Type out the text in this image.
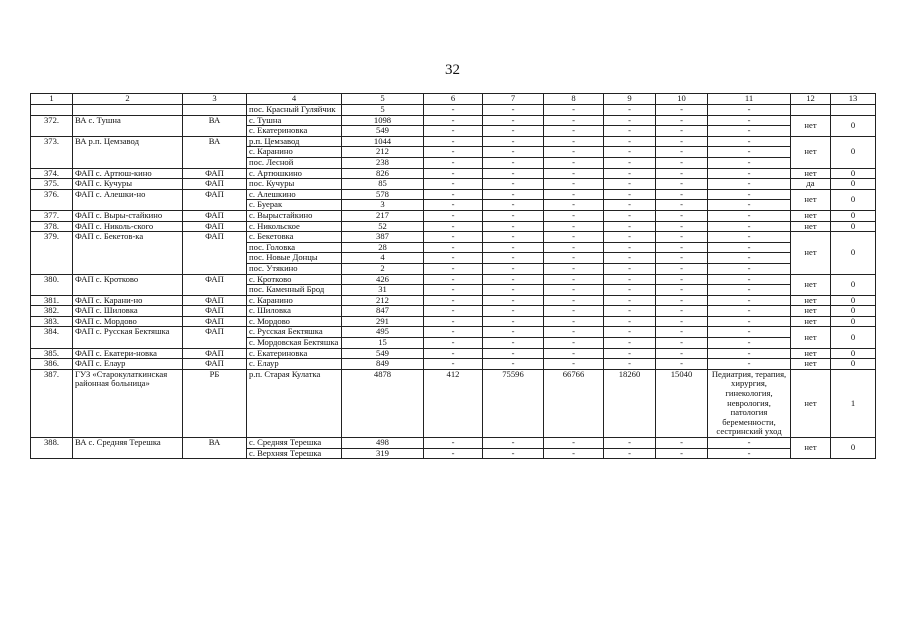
32
1	2	3	4	5	6	7	8	9	10	11	12	13
			пос. Красный Гуляйчик	5	-	-	-	-	-	-		
372.	ВА с. Тушна	ВА	с. Тушна	1098	-	-	-	-	-	-	нет	0
			с. Екатериновка	549	-	-	-	-	-	-		
373.	ВА р.п. Цемзавод	ВА	р.п. Цемзавод	1044	-	-	-	-	-	-	нет	0
			с. Каранино	212	-	-	-	-	-	-		
			пос. Лесной	238	-	-	-	-	-	-		
374.	ФАП с. Артюш-кино	ФАП	с. Артюшкино	826	-	-	-	-	-	-	нет	0
375.	ФАП с. Кучуры	ФАП	пос. Кучуры	85	-	-	-	-	-	-	да	0
376.	ФАП с. Алешки-но	ФАП	с. Алешкино	578	-	-	-	-	-	-	нет	0
			с. Буерак	3	-	-	-	-	-	-		
377.	ФАП с. Выры-стайкино	ФАП	с. Вырыстайкино	217	-	-	-	-	-	-	нет	0
378.	ФАП с. Николь-ского	ФАП	с. Никольское	52	-	-	-	-	-	-	нет	0
379.	ФАП с. Бекетов-ка	ФАП	с. Бекетовка	387	-	-	-	-	-	-	нет	0
			пос. Головка	28	-	-	-	-	-	-		
			пос. Новые Донцы	4	-	-	-	-	-	-		
			пос. Утякино	2	-	-	-	-	-	-		
380.	ФАП с. Кротково	ФАП	с. Кротково	426	-	-	-	-	-	-	нет	0
			пос. Каменный Брод	31	-	-	-	-	-	-		
381.	ФАП с. Карани-но	ФАП	с. Каранино	212	-	-	-	-	-	-	нет	0
382.	ФАП с. Шиловка	ФАП	с. Шиловка	847	-	-	-	-	-	-	нет	0
383.	ФАП с. Мордово	ФАП	с. Мордово	291	-	-	-	-	-	-	нет	0
384.	ФАП с. Русская Бектяшка	ФАП	с. Русская Бектяшка	495	-	-	-	-	-	-	нет	0
			с. Мордовская Бектяшка	15	-	-	-	-	-	-		
385.	ФАП с. Екатери-новка	ФАП	с. Екатериновка	549	-	-	-	-	-	-	нет	0
386.	ФАП с. Елаур	ФАП	с. Елаур	849	-	-	-	-	-	-	нет	0
387.	ГУЗ «Старокулаткинская районная больница»	РБ	р.п. Старая Кулатка	4878	412	75596	66766	18260	15040	Педиатрия, терапия, хирургия, гинекология, неврология, патология беременности, сестринский уход	нет	1
388.	ВА с. Средняя Терешка	ВА	с. Средняя Терешка	498	-	-	-	-	-	-	нет	0
			с. Верхняя Терешка	319	-	-	-	-	-	-		
